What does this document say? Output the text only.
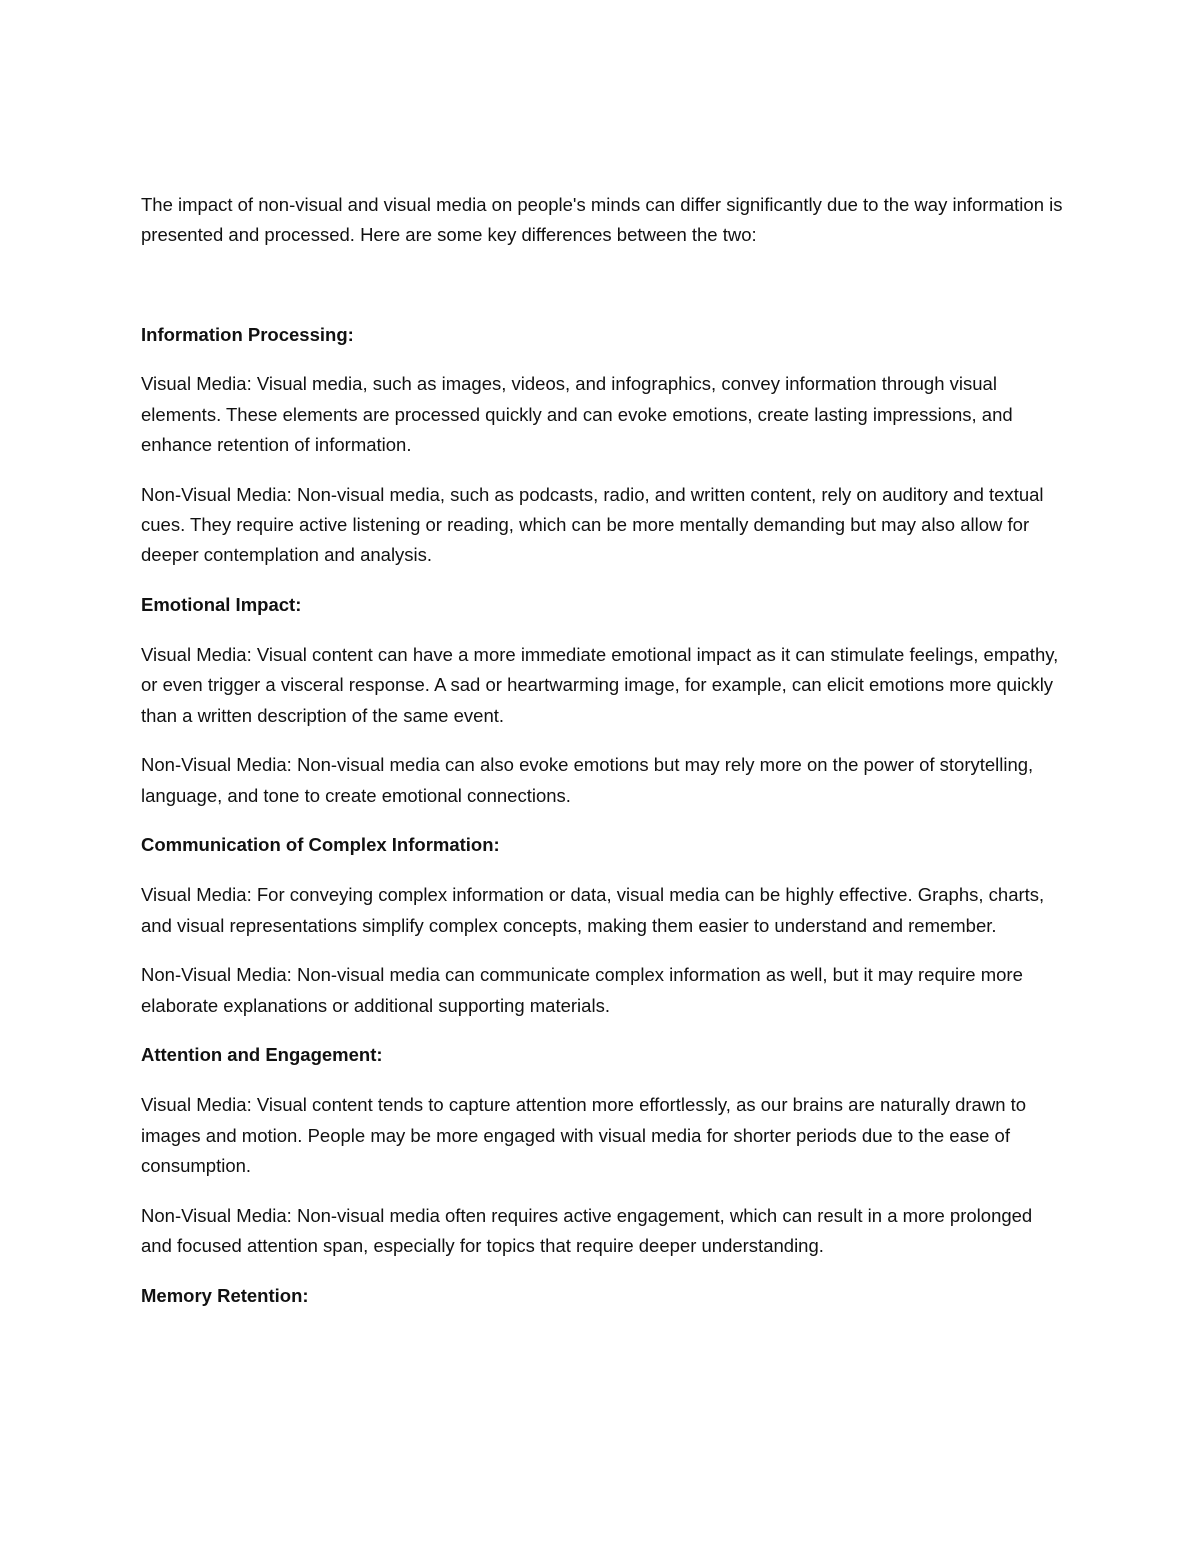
The impact of non-visual and visual media on people's minds can differ significantly due to the way information is presented and processed. Here are some key differences between the two:

Information Processing:

Visual Media: Visual media, such as images, videos, and infographics, convey information through visual elements. These elements are processed quickly and can evoke emotions, create lasting impressions, and enhance retention of information.

Non-Visual Media: Non-visual media, such as podcasts, radio, and written content, rely on auditory and textual cues. They require active listening or reading, which can be more mentally demanding but may also allow for deeper contemplation and analysis.

Emotional Impact:

Visual Media: Visual content can have a more immediate emotional impact as it can stimulate feelings, empathy, or even trigger a visceral response. A sad or heartwarming image, for example, can elicit emotions more quickly than a written description of the same event.

Non-Visual Media: Non-visual media can also evoke emotions but may rely more on the power of storytelling, language, and tone to create emotional connections.

Communication of Complex Information:

Visual Media: For conveying complex information or data, visual media can be highly effective. Graphs, charts, and visual representations simplify complex concepts, making them easier to understand and remember.

Non-Visual Media: Non-visual media can communicate complex information as well, but it may require more elaborate explanations or additional supporting materials.

Attention and Engagement:

Visual Media: Visual content tends to capture attention more effortlessly, as our brains are naturally drawn to images and motion. People may be more engaged with visual media for shorter periods due to the ease of consumption.

Non-Visual Media: Non-visual media often requires active engagement, which can result in a more prolonged and focused attention span, especially for topics that require deeper understanding.

Memory Retention:
